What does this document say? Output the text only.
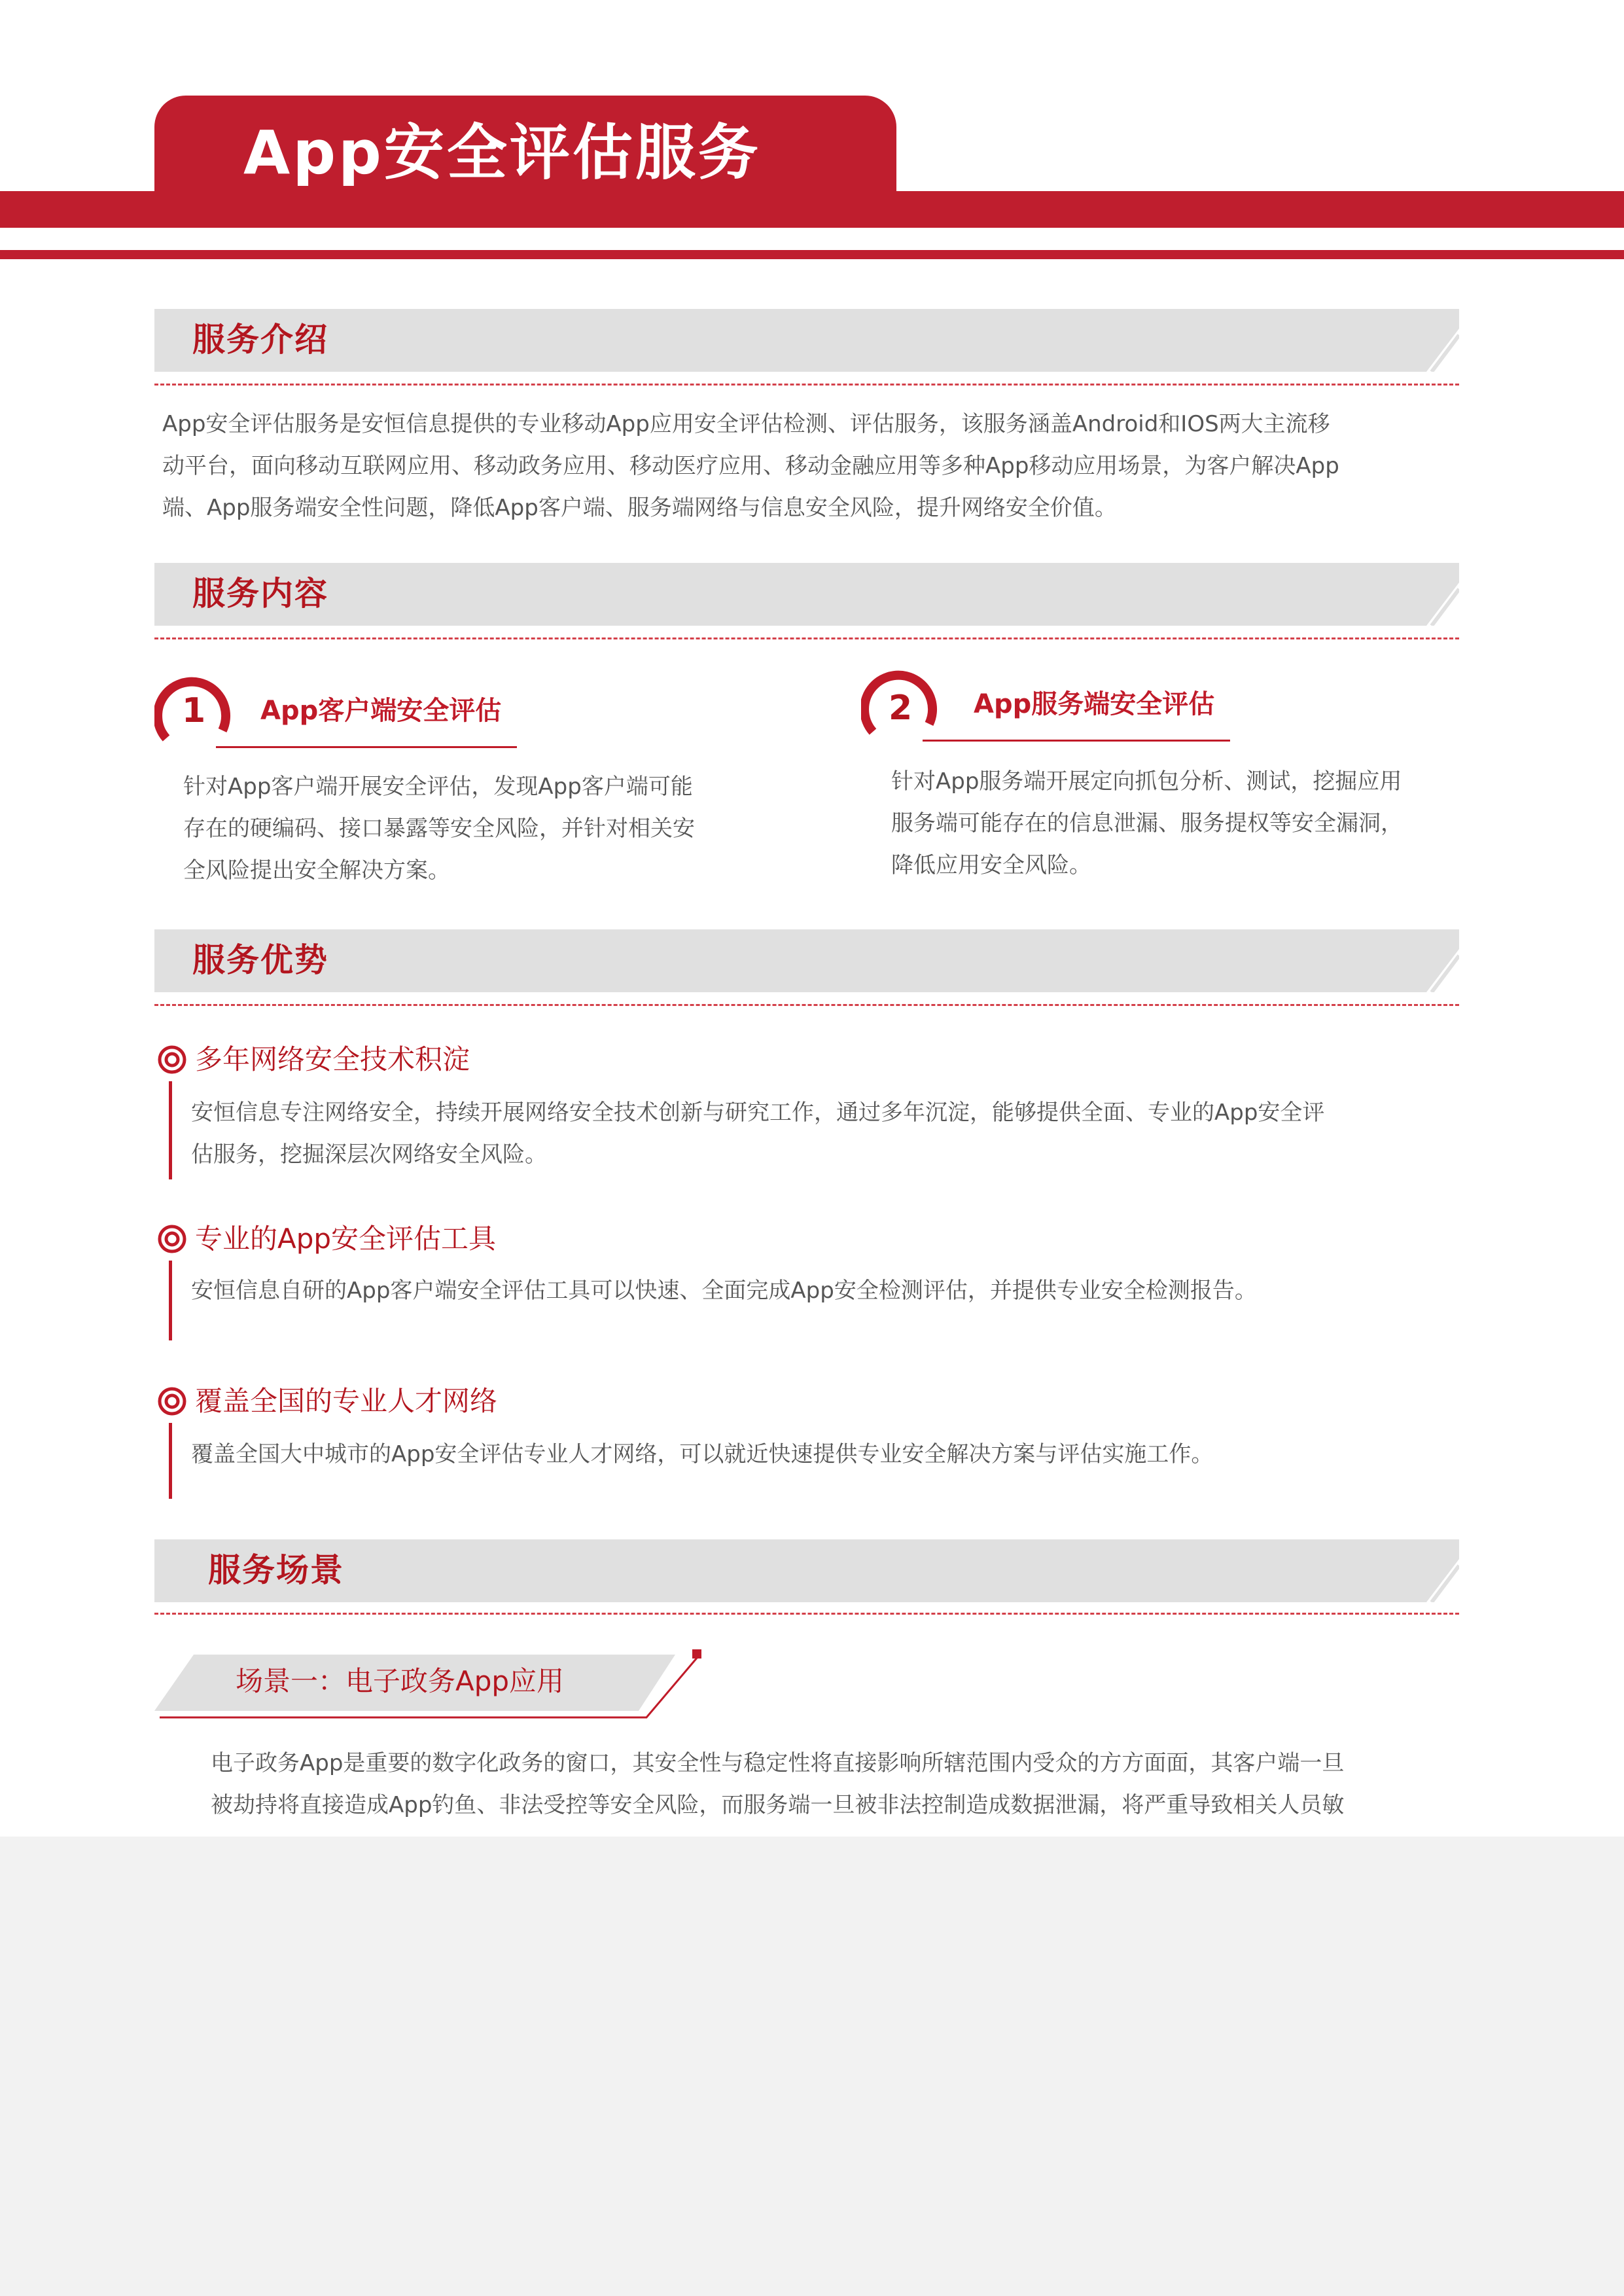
App安全评估服务
服务介绍

App安全评估服务是安恒信息提供的专业移动App应用安全评估检测、评估服务，该服务涵盖Android和IOS两大主流移

动平台，面向移动互联网应用、移动政务应用、移动医疗应用、移动金融应用等多种App移动应用场景，为客户解决App

端、App服务端安全性问题，降低App客户端、服务端网络与信息安全风险，提升网络安全价值。

服务内容
1 App客户端安全评估

针对App客户端开展安全评估，发现App客户端可能

存在的硬编码、接口暴露等安全风险，并针对相关安

全风险提出安全解决方案。

2 App服务端安全评估

针对App服务端开展定向抓包分析、测试，挖掘应用

服务端可能存在的信息泄漏、服务提权等安全漏洞，

降低应用安全风险。

服务优势
多年网络安全技术积淀

安恒信息专注网络安全，持续开展网络安全技术创新与研究工作，通过多年沉淀，能够提供全面、专业的App安全评

估服务，挖掘深层次网络安全风险。

专业的App安全评估工具

安恒信息自研的App客户端安全评估工具可以快速、全面完成App安全检测评估，并提供专业安全检测报告。

覆盖全国的专业人才网络

覆盖全国大中城市的App安全评估专业人才网络，可以就近快速提供专业安全解决方案与评估实施工作。

服务场景
场景一：电子政务App应用

电子政务App是重要的数字化政务的窗口，其安全性与稳定性将直接影响所辖范围内受众的方方面面，其客户端一旦

被劫持将直接造成App钓鱼、非法受控等安全风险，而服务端一旦被非法控制造成数据泄漏，将严重导致相关人员敏
